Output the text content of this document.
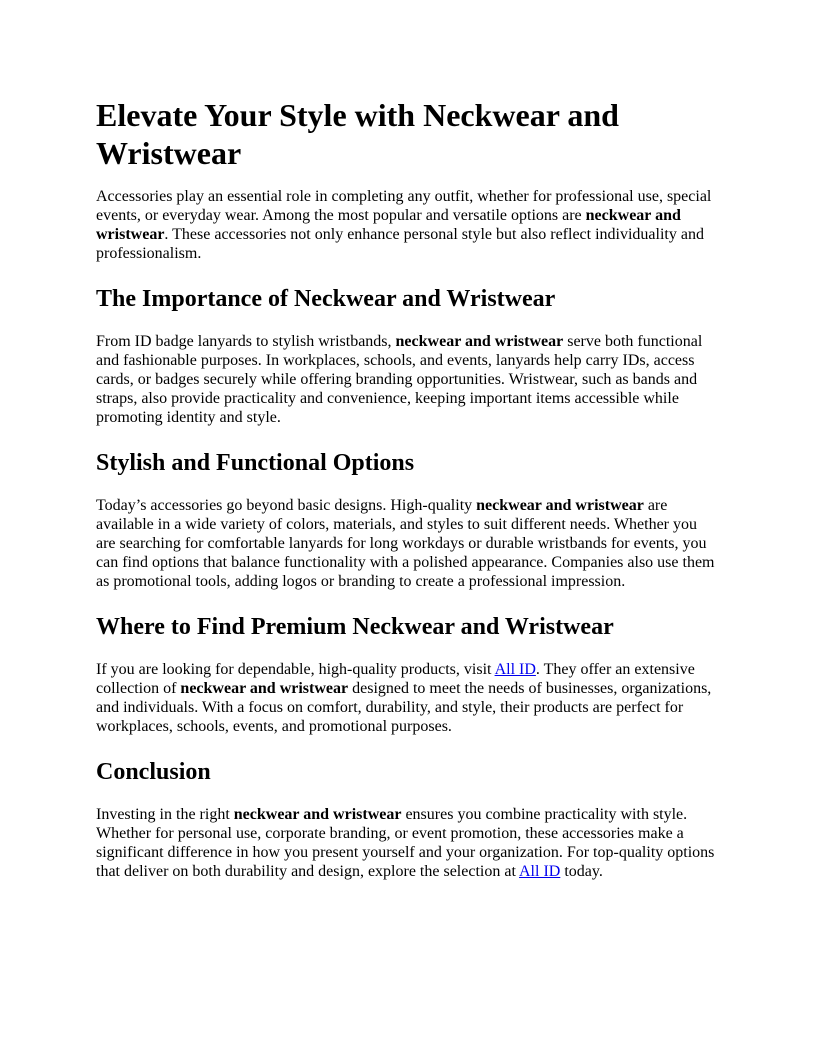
Elevate Your Style with Neckwear and Wristwear

Accessories play an essential role in completing any outfit, whether for professional use, special events, or everyday wear. Among the most popular and versatile options are neckwear and wristwear. These accessories not only enhance personal style but also reflect individuality and professionalism.

The Importance of Neckwear and Wristwear

From ID badge lanyards to stylish wristbands, neckwear and wristwear serve both functional and fashionable purposes. In workplaces, schools, and events, lanyards help carry IDs, access cards, or badges securely while offering branding opportunities. Wristwear, such as bands and straps, also provide practicality and convenience, keeping important items accessible while promoting identity and style.

Stylish and Functional Options

Today’s accessories go beyond basic designs. High-quality neckwear and wristwear are available in a wide variety of colors, materials, and styles to suit different needs. Whether you are searching for comfortable lanyards for long workdays or durable wristbands for events, you can find options that balance functionality with a polished appearance. Companies also use them as promotional tools, adding logos or branding to create a professional impression.

Where to Find Premium Neckwear and Wristwear

If you are looking for dependable, high-quality products, visit All ID. They offer an extensive collection of neckwear and wristwear designed to meet the needs of businesses, organizations, and individuals. With a focus on comfort, durability, and style, their products are perfect for workplaces, schools, events, and promotional purposes.

Conclusion

Investing in the right neckwear and wristwear ensures you combine practicality with style. Whether for personal use, corporate branding, or event promotion, these accessories make a significant difference in how you present yourself and your organization. For top-quality options that deliver on both durability and design, explore the selection at All ID today.
